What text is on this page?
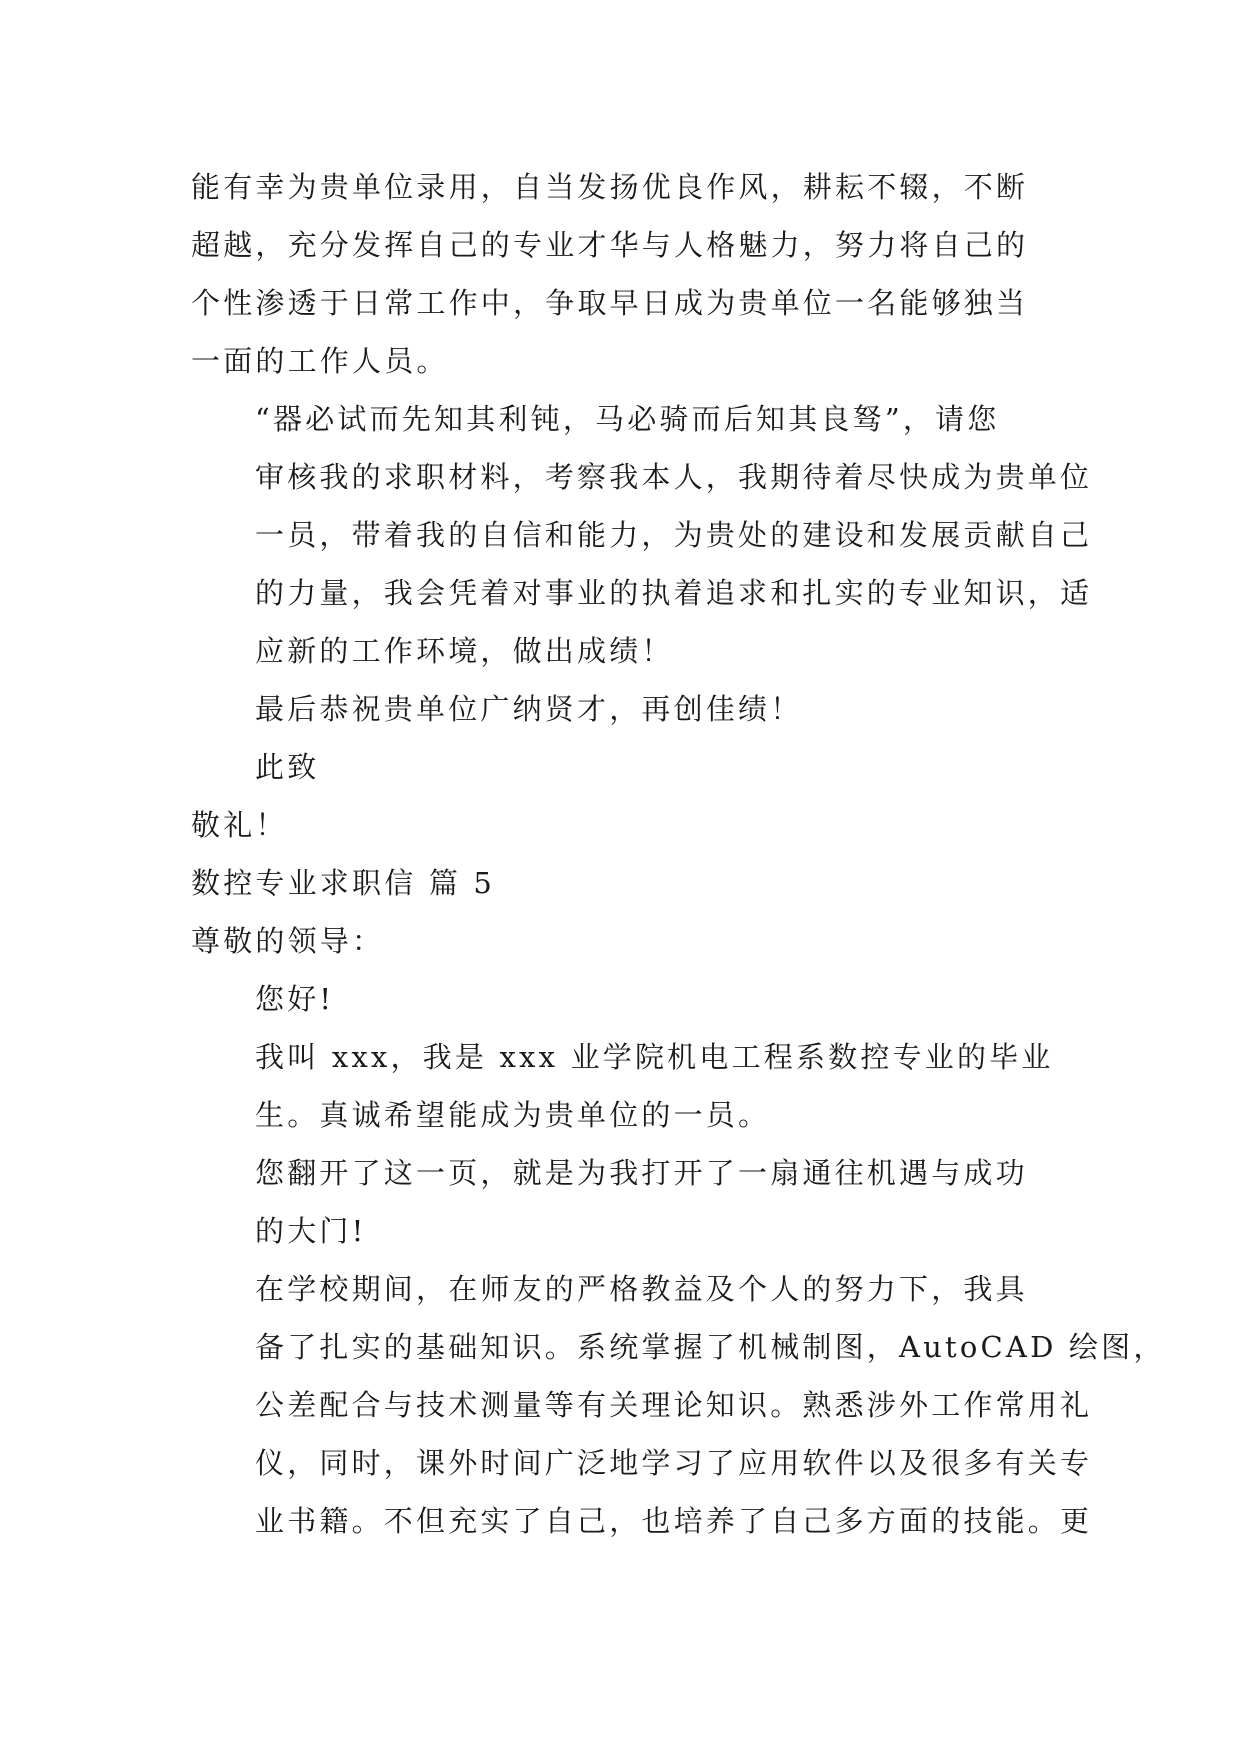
能有幸为贵单位录用，自当发扬优良作风，耕耘不辍，不断
超越，充分发挥自己的专业才华与人格魅力，努力将自己的
个性渗透于日常工作中，争取早日成为贵单位一名能够独当
一面的工作人员。

“器必试而先知其利钝，马必骑而后知其良驽”，请您
审核我的求职材料，考察我本人，我期待着尽快成为贵单位
一员，带着我的自信和能力，为贵处的建设和发展贡献自己
的力量，我会凭着对事业的执着追求和扎实的专业知识，适
应新的工作环境，做出成绩！

最后恭祝贵单位广纳贤才，再创佳绩！

此致

敬礼！

数控专业求职信 篇 5

尊敬的领导：

您好!

我叫 xxx，我是 xxx 业学院机电工程系数控专业的毕业
生。真诚希望能成为贵单位的一员。

您翻开了这一页，就是为我打开了一扇通往机遇与成功
的大门!

在学校期间，在师友的严格教益及个人的努力下，我具
备了扎实的基础知识。系统掌握了机械制图，AutoCAD 绘图，
公差配合与技术测量等有关理论知识。熟悉涉外工作常用礼
仪，同时，课外时间广泛地学习了应用软件以及很多有关专
业书籍。不但充实了自己，也培养了自己多方面的技能。更
